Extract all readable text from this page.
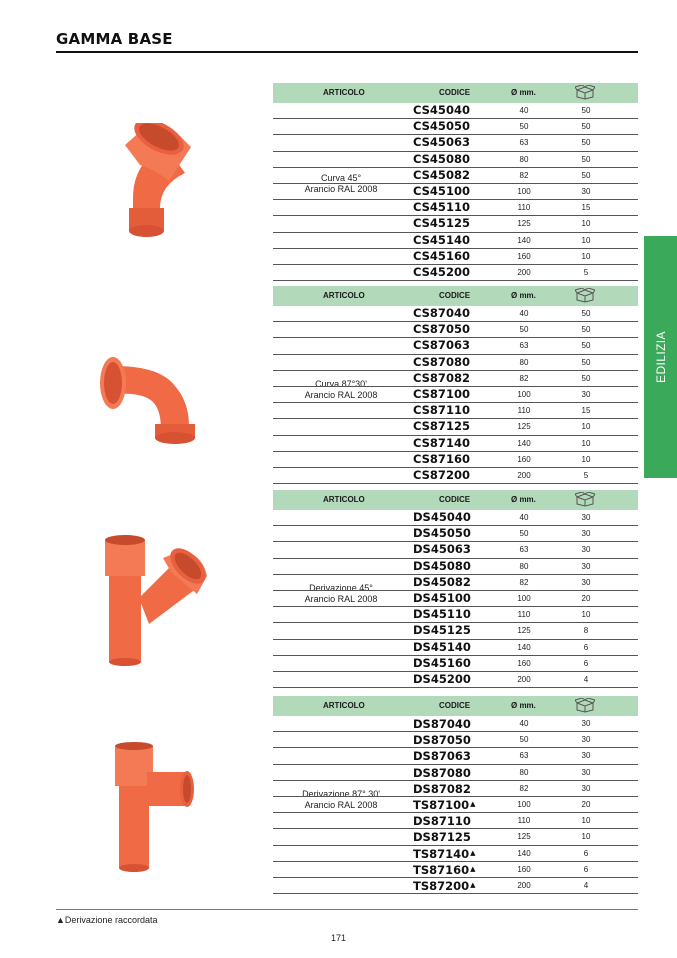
GAMMA BASE
EDILIZIA
ARTICOLO	CODICE	Ø mm.
Curva 45°
Arancio RAL 2008
CS45040	40	50
CS45050	50	50
CS45063	63	50
CS45080	80	50
CS45082	82	50
CS45100	100	30
CS45110	110	15
CS45125	125	10
CS45140	140	10
CS45160	160	10
CS45200	200	5
ARTICOLO	CODICE	Ø mm.
Curva 87°30'
Arancio RAL 2008
CS87040	40	50
CS87050	50	50
CS87063	63	50
CS87080	80	50
CS87082	82	50
CS87100	100	30
CS87110	110	15
CS87125	125	10
CS87140	140	10
CS87160	160	10
CS87200	200	5
ARTICOLO	CODICE	Ø mm.
Derivazione 45°
Arancio RAL 2008
DS45040	40	30
DS45050	50	30
DS45063	63	30
DS45080	80	30
DS45082	82	30
DS45100	100	20
DS45110	110	10
DS45125	125	8
DS45140	140	6
DS45160	160	6
DS45200	200	4
ARTICOLO	CODICE	Ø mm.
Derivazione 87° 30'
Arancio RAL 2008
DS87040	40	30
DS87050	50	30
DS87063	63	30
DS87080	80	30
DS87082	82	30
TS87100▲	100	20
DS87110	110	10
DS87125	125	10
TS87140▲	140	6
TS87160▲	160	6
TS87200▲	200	4
▲Derivazione raccordata
171
